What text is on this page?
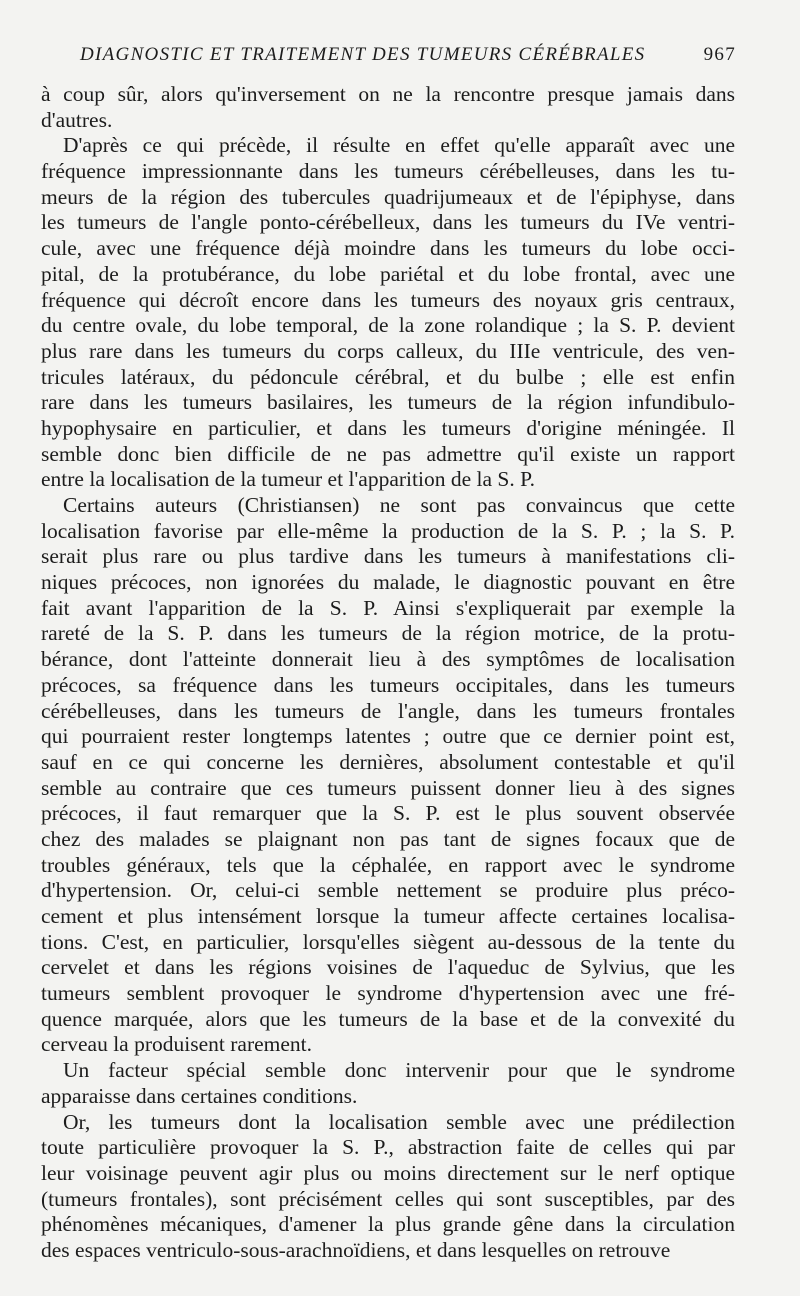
DIAGNOSTIC ET TRAITEMENT DES TUMEURS CÉRÉBRALES	967
à coup sûr, alors qu'inversement on ne la rencontre presque jamais dans
d'autres.
D'après ce qui précède, il résulte en effet qu'elle apparaît avec une
fréquence impressionnante dans les tumeurs cérébelleuses, dans les tu-
meurs de la région des tubercules quadrijumeaux et de l'épiphyse, dans
les tumeurs de l'angle ponto-cérébelleux, dans les tumeurs du IVe ventri-
cule, avec une fréquence déjà moindre dans les tumeurs du lobe occi-
pital, de la protubérance, du lobe pariétal et du lobe frontal, avec une
fréquence qui décroît encore dans les tumeurs des noyaux gris centraux,
du centre ovale, du lobe temporal, de la zone rolandique ; la S. P. devient
plus rare dans les tumeurs du corps calleux, du IIIe ventricule, des ven-
tricules latéraux, du pédoncule cérébral, et du bulbe ; elle est enfin
rare dans les tumeurs basilaires, les tumeurs de la région infundibulo-
hypophysaire en particulier, et dans les tumeurs d'origine méningée. Il
semble donc bien difficile de ne pas admettre qu'il existe un rapport
entre la localisation de la tumeur et l'apparition de la S. P.
Certains auteurs (Christiansen) ne sont pas convaincus que cette
localisation favorise par elle-même la production de la S. P. ; la S. P.
serait plus rare ou plus tardive dans les tumeurs à manifestations cli-
niques précoces, non ignorées du malade, le diagnostic pouvant en être
fait avant l'apparition de la S. P. Ainsi s'expliquerait par exemple la
rareté de la S. P. dans les tumeurs de la région motrice, de la protu-
bérance, dont l'atteinte donnerait lieu à des symptômes de localisation
précoces, sa fréquence dans les tumeurs occipitales, dans les tumeurs
cérébelleuses, dans les tumeurs de l'angle, dans les tumeurs frontales
qui pourraient rester longtemps latentes ; outre que ce dernier point est,
sauf en ce qui concerne les dernières, absolument contestable et qu'il
semble au contraire que ces tumeurs puissent donner lieu à des signes
précoces, il faut remarquer que la S. P. est le plus souvent observée
chez des malades se plaignant non pas tant de signes focaux que de
troubles généraux, tels que la céphalée, en rapport avec le syndrome
d'hypertension. Or, celui-ci semble nettement se produire plus préco-
cement et plus intensément lorsque la tumeur affecte certaines localisa-
tions. C'est, en particulier, lorsqu'elles siègent au-dessous de la tente du
cervelet et dans les régions voisines de l'aqueduc de Sylvius, que les
tumeurs semblent provoquer le syndrome d'hypertension avec une fré-
quence marquée, alors que les tumeurs de la base et de la convexité du
cerveau la produisent rarement.
Un facteur spécial semble donc intervenir pour que le syndrome
apparaisse dans certaines conditions.
Or, les tumeurs dont la localisation semble avec une prédilection
toute particulière provoquer la S. P., abstraction faite de celles qui par
leur voisinage peuvent agir plus ou moins directement sur le nerf optique
(tumeurs frontales), sont précisément celles qui sont susceptibles, par des
phénomènes mécaniques, d'amener la plus grande gêne dans la circulation
des espaces ventriculo-sous-arachnoïdiens, et dans lesquelles on retrouve
